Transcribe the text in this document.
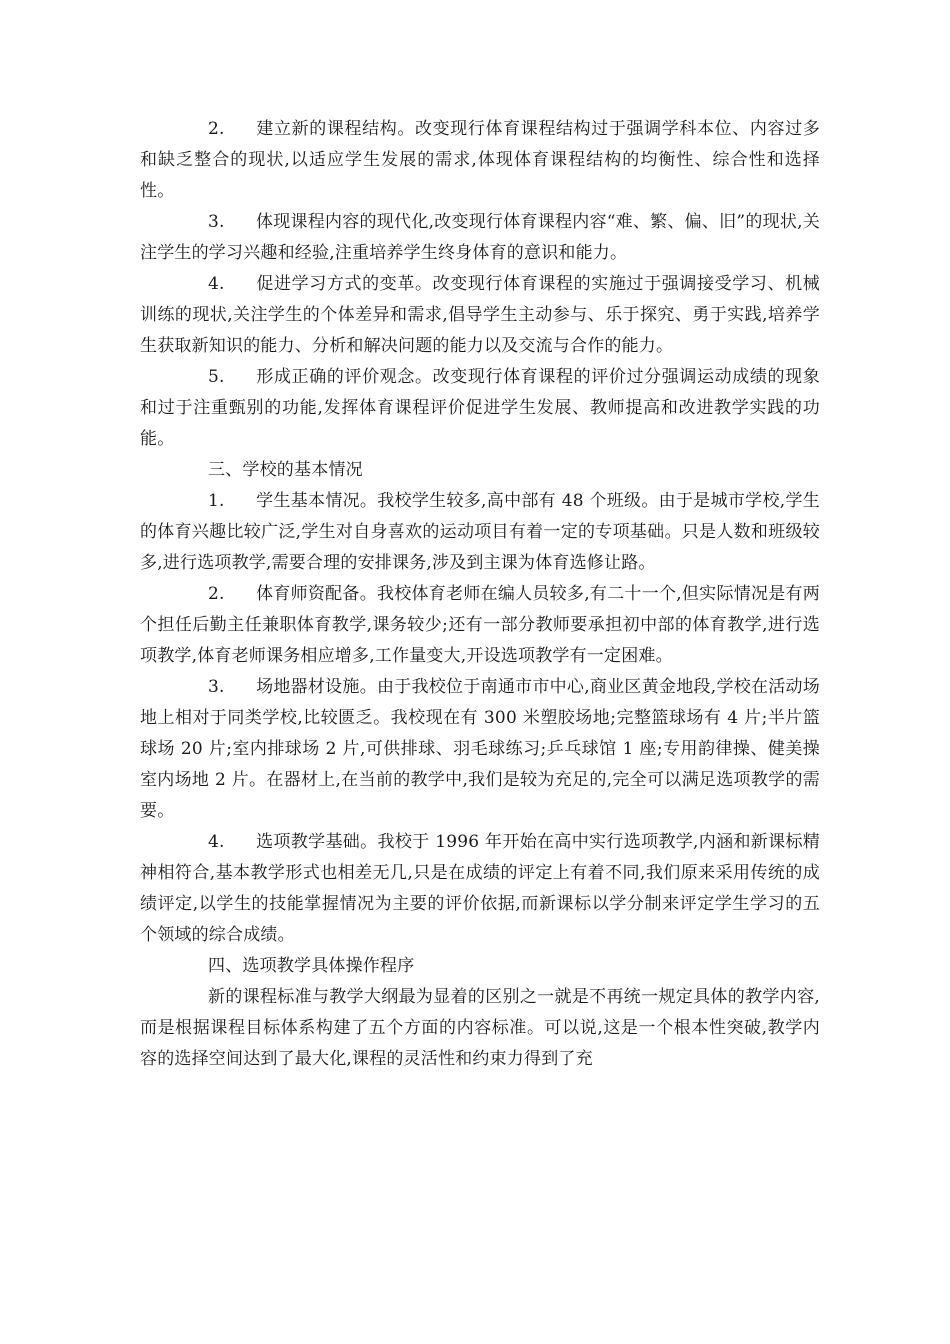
2. 建立新的课程结构。改变现行体育课程结构过于强调学科本位、内容过多和缺乏整合的现状,以适应学生发展的需求,体现体育课程结构的均衡性、综合性和选择性。

3. 体现课程内容的现代化,改变现行体育课程内容“难、繁、偏、旧”的现状,关注学生的学习兴趣和经验,注重培养学生终身体育的意识和能力。

4. 促进学习方式的变革。改变现行体育课程的实施过于强调接受学习、机械训练的现状,关注学生的个体差异和需求,倡导学生主动参与、乐于探究、勇于实践,培养学生获取新知识的能力、分析和解决问题的能力以及交流与合作的能力。

5. 形成正确的评价观念。改变现行体育课程的评价过分强调运动成绩的现象和过于注重甄别的功能,发挥体育课程评价促进学生发展、教师提高和改进教学实践的功能。

三、学校的基本情况

1. 学生基本情况。我校学生较多,高中部有 48 个班级。由于是城市学校,学生的体育兴趣比较广泛,学生对自身喜欢的运动项目有着一定的专项基础。只是人数和班级较多,进行选项教学,需要合理的安排课务,涉及到主课为体育选修让路。

2. 体育师资配备。我校体育老师在编人员较多,有二十一个,但实际情况是有两个担任后勤主任兼职体育教学,课务较少;还有一部分教师要承担初中部的体育教学,进行选项教学,体育老师课务相应增多,工作量变大,开设选项教学有一定困难。

3. 场地器材设施。由于我校位于南通市市中心,商业区黄金地段,学校在活动场地上相对于同类学校,比较匮乏。我校现在有 300 米塑胶场地;完整篮球场有 4 片;半片篮球场 20 片;室内排球场 2 片,可供排球、羽毛球练习;乒乓球馆 1 座;专用韵律操、健美操室内场地 2 片。在器材上,在当前的教学中,我们是较为充足的,完全可以满足选项教学的需要。

4. 选项教学基础。我校于 1996 年开始在高中实行选项教学,内涵和新课标精神相符合,基本教学形式也相差无几,只是在成绩的评定上有着不同,我们原来采用传统的成绩评定,以学生的技能掌握情况为主要的评价依据,而新课标以学分制来评定学生学习的五个领域的综合成绩。

四、选项教学具体操作程序

新的课程标准与教学大纲最为显着的区别之一就是不再统一规定具体的教学内容,而是根据课程目标体系构建了五个方面的内容标准。可以说,这是一个根本性突破,教学内容的选择空间达到了最大化,课程的灵活性和约束力得到了充
